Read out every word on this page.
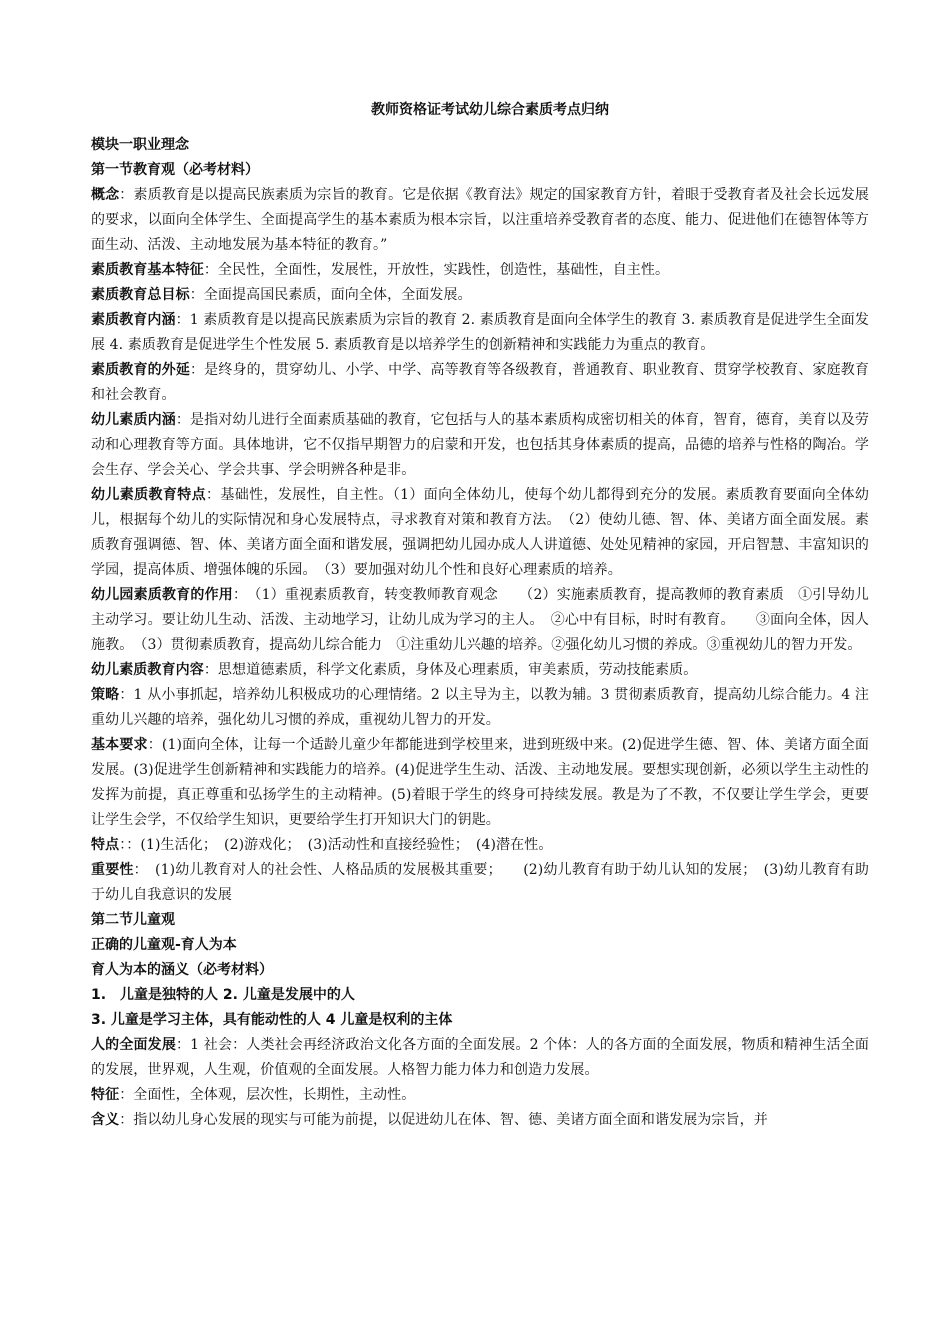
教师资格证考试幼儿综合素质考点归纳
模块一职业理念
第一节教育观（必考材料）
概念：素质教育是以提高民族素质为宗旨的教育。它是依据《教育法》规定的国家教育方针，着眼于受教育者及社会长远发展的要求，以面向全体学生、全面提高学生的基本素质为根本宗旨，以注重培养受教育者的态度、能力、促进他们在德智体等方面生动、活泼、主动地发展为基本特征的教育。”
素质教育基本特征：全民性，全面性，发展性，开放性，实践性，创造性，基础性，自主性。
素质教育总目标：全面提高国民素质，面向全体，全面发展。
素质教育内涵：1 素质教育是以提高民族素质为宗旨的教育 2. 素质教育是面向全体学生的教育 3. 素质教育是促进学生全面发展 4. 素质教育是促进学生个性发展 5. 素质教育是以培养学生的创新精神和实践能力为重点的教育。
素质教育的外延：是终身的，贯穿幼儿、小学、中学、高等教育等各级教育，普通教育、职业教育、贯穿学校教育、家庭教育和社会教育。
幼儿素质内涵：是指对幼儿进行全面素质基础的教育，它包括与人的基本素质构成密切相关的体育，智育，德育，美育以及劳动和心理教育等方面。具体地讲，它不仅指早期智力的启蒙和开发，也包括其身体素质的提高，品德的培养与性格的陶冶。学会生存、学会关心、学会共事、学会明辨各种是非。
幼儿素质教育特点：基础性，发展性，自主性。（1）面向全体幼儿，使每个幼儿都得到充分的发展。素质教育要面向全体幼儿，根据每个幼儿的实际情况和身心发展特点，寻求教育对策和教育方法。　（2）使幼儿德、智、体、美诸方面全面发展。素质教育强调德、智、体、美诸方面全面和谐发展，强调把幼儿园办成人人讲道德、处处见精神的家园，开启智慧、丰富知识的学园，提高体质、增强体魄的乐园。　（3）要加强对幼儿个性和良好心理素质的培养。
幼儿园素质教育的作用：　（1）重视素质教育，转变教师教育观念　　（2）实施素质教育，提高教师的教育素质　①引导幼儿主动学习。要让幼儿生动、活泼、主动地学习，让幼儿成为学习的主人。　②心中有目标，时时有教育。　　③面向全体，因人施教。　（3）贯彻素质教育，提高幼儿综合能力　①注重幼儿兴趣的培养。②强化幼儿习惯的养成。③重视幼儿的智力开发。
幼儿素质教育内容：思想道德素质，科学文化素质，身体及心理素质，审美素质，劳动技能素质。
策略：1 从小事抓起，培养幼儿积极成功的心理情绪。2 以主导为主，以教为辅。3 贯彻素质教育，提高幼儿综合能力。4 注重幼儿兴趣的培养，强化幼儿习惯的养成，重视幼儿智力的开发。
基本要求：(1)面向全体，让每一个适龄儿童少年都能进到学校里来，进到班级中来。(2)促进学生德、智、体、美诸方面全面发展。(3)促进学生创新精神和实践能力的培养。(4)促进学生生动、活泼、主动地发展。要想实现创新，必须以学生主动性的发挥为前提，真正尊重和弘扬学生的主动精神。(5)着眼于学生的终身可持续发展。教是为了不教，不仅要让学生学会，更要让学生会学，不仅给学生知识，更要给学生打开知识大门的钥匙。
特点：：(1)生活化；　(2)游戏化；　(3)活动性和直接经验性；　(4)潜在性。
重要性：　(1)幼儿教育对人的社会性、人格品质的发展极其重要；　　(2)幼儿教育有助于幼儿认知的发展；　(3)幼儿教育有助于幼儿自我意识的发展
第二节儿童观
正确的儿童观-育人为本
育人为本的涵义（必考材料）
1.　儿童是独特的人 2. 儿童是发展中的人
3. 儿童是学习主体，具有能动性的人 4 儿童是权利的主体
人的全面发展：1 社会：人类社会再经济政治文化各方面的全面发展。2 个体：人的各方面的全面发展，物质和精神生活全面的发展，世界观，人生观，价值观的全面发展。人格智力能力体力和创造力发展。
特征：全面性，全体观，层次性，长期性，主动性。
含义：指以幼儿身心发展的现实与可能为前提，以促进幼儿在体、智、德、美诸方面全面和谐发展为宗旨，并
